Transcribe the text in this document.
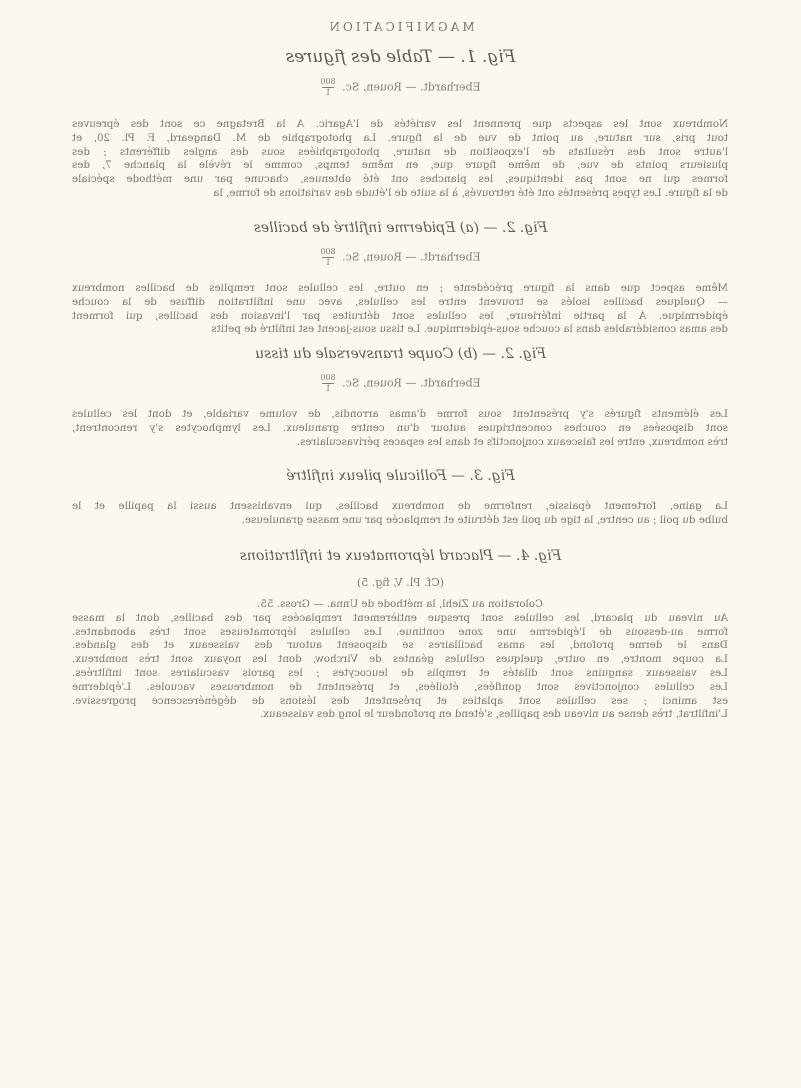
MAGNIFICATION
Fig. 1. — Table des figures
Eberhardt. — Rouen, Sc.
$\frac{800}{1}$
Nombreux sont les aspects que prennent les variétés de l'Agaric. A la Bretagne ce sont des épreuves
tout pris, sur nature, au point de vue de la figure. La photographie de M. Dangeard, F. Pl. 20, et
l'autre sont des résultats de l'exposition de nature, photographiées sous des angles différents ; des
plusieurs points de vue, de même figure que, en même temps, comme le révèle la planche 7, des
formes qui ne sont pas identiques, les planches ont été obtenues, chacune par une méthode spéciale
de la figure. Les types présentés ont été retrouvés, à la suite de l'étude des variations de forme, la
Fig. 2. — (a) Epiderme infiltré de bacilles
Eberhardt. — Rouen, Sc.
$\frac{800}{1}$
Même aspect que dans la figure précédente ; en outre, les cellules sont remplies de bacilles nombreux
— Quelques bacilles isolés se trouvent entre les cellules, avec une infiltration diffuse de la couche
épidermique. À la partie inférieure, les cellules sont détruites par l'invasion des bacilles, qui forment
des amas considérables dans la couche sous-épidermique. Le tissu sous-jacent est infiltré de petits
Fig. 2. — (b) Coupe transversale du tissu
Eberhardt. — Rouen, Sc.
$\frac{800}{1}$
Les éléments figurés s'y présentent sous forme d'amas arrondis, de volume variable, et dont les cellules
sont disposées en couches concentriques autour d'un centre granuleux. Les lymphocytes s'y rencontrent,
très nombreux, entre les faisceaux conjonctifs et dans les espaces périvasculaires.
Fig. 3. — Follicule pileux infiltré
La gaine, fortement épaissie, renferme de nombreux bacilles, qui envahissent aussi la papille et le
bulbe du poil ; au centre, la tige du poil est détruite et remplacée par une masse granuleuse.
Fig. 4. — Placard lépromateux et infiltrations
(Cf. Pl. V, fig. 5)
Coloration au Ziehl, la méthode de Unna. — Gross. 55.
Au niveau du placard, les cellules sont presque entièrement remplacées par des bacilles, dont la masse
forme au-dessous de l'épiderme une zone continue. Les cellules lépromateuses sont très abondantes.
Dans le derme profond, les amas bacillaires se disposent autour des vaisseaux et des glandes.
La coupe montre, en outre, quelques cellules géantes de Virchow, dont les noyaux sont très nombreux.
Les vaisseaux sanguins sont dilatés et remplis de leucocytes ; les parois vasculaires sont infiltrées.
Les cellules conjonctives sont gonflées, étoilées, et présentent de nombreuses vacuoles. L'épiderme
est aminci ; ses cellules sont aplaties et présentent des lésions de dégénérescence progressive.
L'infiltrat, très dense au niveau des papilles, s'étend en profondeur le long des vaisseaux.
